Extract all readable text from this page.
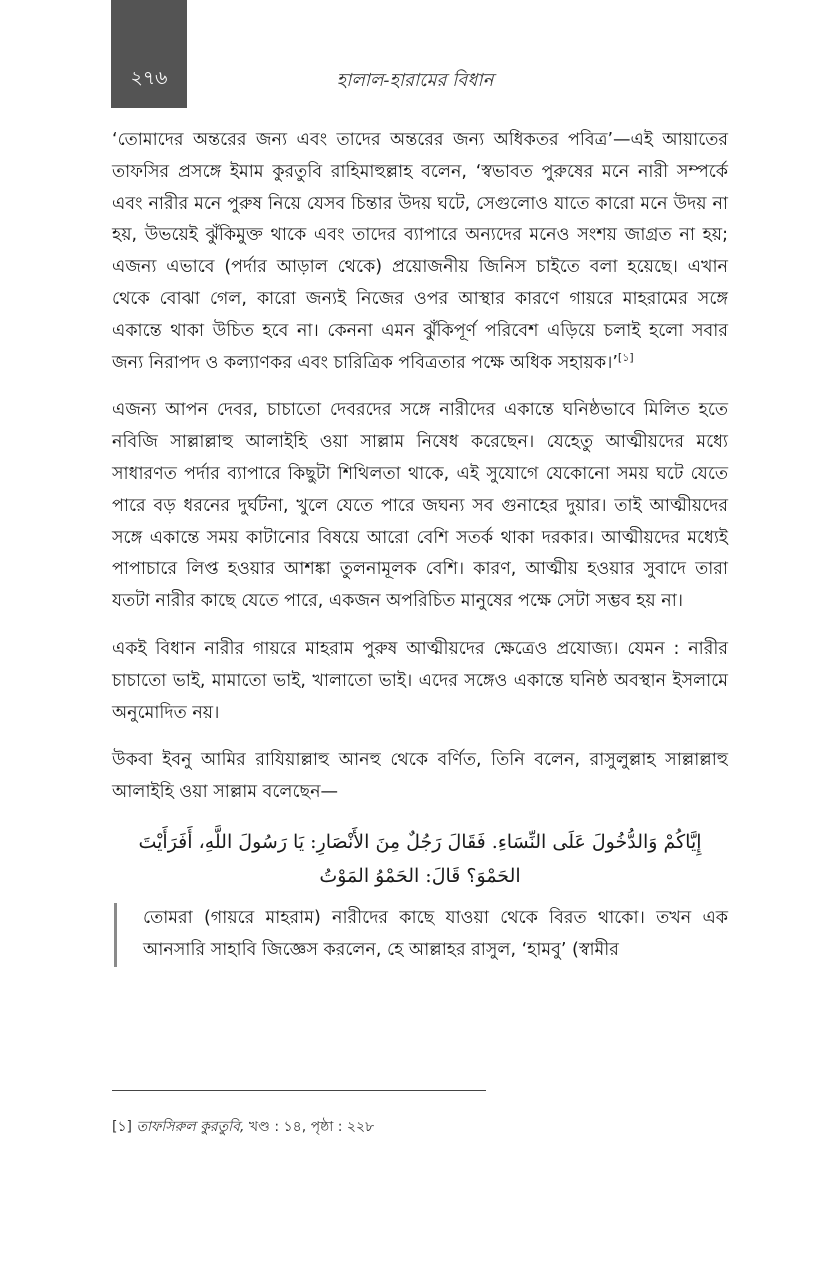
২৭৬	হালাল-হারামের বিধান

‘তোমাদের অন্তরের জন্য এবং তাদের অন্তরের জন্য অধিকতর পবিত্র’—এই আয়াতের তাফসির প্রসঙ্গে ইমাম কুরতুবি রাহিমাহুল্লাহ বলেন, ‘স্বভাবত পুরুষের মনে নারী সম্পর্কে এবং নারীর মনে পুরুষ নিয়ে যেসব চিন্তার উদয় ঘটে, সেগুলোও যাতে কারো মনে উদয় না হয়, উভয়েই ঝুঁকিমুক্ত থাকে এবং তাদের ব্যাপারে অন্যদের মনেও সংশয় জাগ্রত না হয়; এজন্য এভাবে (পর্দার আড়াল থেকে) প্রয়োজনীয় জিনিস চাইতে বলা হয়েছে। এখান থেকে বোঝা গেল, কারো জন্যই নিজের ওপর আস্থার কারণে গায়রে মাহরামের সঙ্গে একান্তে থাকা উচিত হবে না। কেননা এমন ঝুঁকিপূর্ণ পরিবেশ এড়িয়ে চলাই হলো সবার জন্য নিরাপদ ও কল্যাণকর এবং চারিত্রিক পবিত্রতার পক্ষে অধিক সহায়ক।’[১]

এজন্য আপন দেবর, চাচাতো দেবরদের সঙ্গে নারীদের একান্তে ঘনিষ্ঠভাবে মিলিত হতে নবিজি সাল্লাল্লাহু আলাইহি ওয়া সাল্লাম নিষেধ করেছেন। যেহেতু আত্মীয়দের মধ্যে সাধারণত পর্দার ব্যাপারে কিছুটা শিথিলতা থাকে, এই সুযোগে যেকোনো সময় ঘটে যেতে পারে বড় ধরনের দুর্ঘটনা, খুলে যেতে পারে জঘন্য সব গুনাহের দুয়ার। তাই আত্মীয়দের সঙ্গে একান্তে সময় কাটানোর বিষয়ে আরো বেশি সতর্ক থাকা দরকার। আত্মীয়দের মধ্যেই পাপাচারে লিপ্ত হওয়ার আশঙ্কা তুলনামূলক বেশি। কারণ, আত্মীয় হওয়ার সুবাদে তারা যতটা নারীর কাছে যেতে পারে, একজন অপরিচিত মানুষের পক্ষে সেটা সম্ভব হয় না।

একই বিধান নারীর গায়রে মাহরাম পুরুষ আত্মীয়দের ক্ষেত্রেও প্রযোজ্য। যেমন : নারীর চাচাতো ভাই, মামাতো ভাই, খালাতো ভাই। এদের সঙ্গেও একান্তে ঘনিষ্ঠ অবস্থান ইসলামে অনুমোদিত নয়।

উকবা ইবনু আমির রাযিয়াল্লাহু আনহু থেকে বর্ণিত, তিনি বলেন, রাসুলুল্লাহ সাল্লাল্লাহু আলাইহি ওয়া সাল্লাম বলেছেন—

إِيَّاكُمْ وَالدُّخُولَ عَلَى النِّسَاءِ. فَقَالَ رَجُلٌ مِنَ الأَنْصَارِ: يَا رَسُولَ اللَّهِ، أَفَرَأَيْتَ الحَمْوَ؟ قَالَ: الحَمْوُ المَوْتُ
তোমরা (গায়রে মাহরাম) নারীদের কাছে যাওয়া থেকে বিরত থাকো। তখন এক আনসারি সাহাবি জিজ্ঞেস করলেন, হে আল্লাহর রাসুল, ‘হামবু’ (স্বামীর
[১] তাফসিরুল কুরতুবি, খণ্ড : ১৪, পৃষ্ঠা : ২২৮
